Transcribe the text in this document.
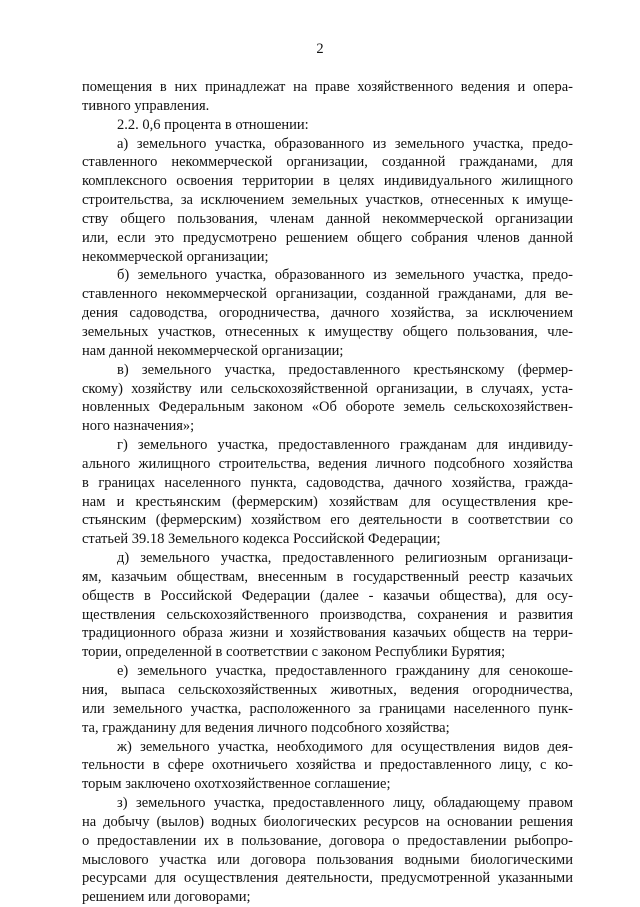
2
помещения в них принадлежат на праве хозяйственного ведения и опера-
тивного управления.
2.2. 0,6 процента в отношении:
а) земельного участка, образованного из земельного участка, предо-
ставленного некоммерческой организации, созданной гражданами, для
комплексного освоения территории в целях индивидуального жилищного
строительства, за исключением земельных участков, отнесенных к имуще-
ству общего пользования, членам данной некоммерческой организации
или, если это предусмотрено решением общего собрания членов данной
некоммерческой организации;
б) земельного участка, образованного из земельного участка, предо-
ставленного некоммерческой организации, созданной гражданами, для ве-
дения садоводства, огородничества, дачного хозяйства, за исключением
земельных участков, отнесенных к имуществу общего пользования, чле-
нам данной некоммерческой организации;
в) земельного участка, предоставленного крестьянскому (фермер-
скому) хозяйству или сельскохозяйственной организации, в случаях, уста-
новленных Федеральным законом «Об обороте земель сельскохозяйствен-
ного назначения»;
г) земельного участка, предоставленного гражданам для индивиду-
ального жилищного строительства, ведения личного подсобного хозяйства
в границах населенного пункта, садоводства, дачного хозяйства, гражда-
нам и крестьянским (фермерским) хозяйствам для осуществления кре-
стьянским (фермерским) хозяйством его деятельности в соответствии со
статьей 39.18 Земельного кодекса Российской Федерации;
д) земельного участка, предоставленного религиозным организаци-
ям, казачьим обществам, внесенным в государственный реестр казачьих
обществ в Российской Федерации (далее - казачьи общества), для осу-
ществления сельскохозяйственного производства, сохранения и развития
традиционного образа жизни и хозяйствования казачьих обществ на терри-
тории, определенной в соответствии с законом Республики Бурятия;
е) земельного участка, предоставленного гражданину для сенокоше-
ния, выпаса сельскохозяйственных животных, ведения огородничества,
или земельного участка, расположенного за границами населенного пунк-
та, гражданину для ведения личного подсобного хозяйства;
ж) земельного участка, необходимого для осуществления видов дея-
тельности в сфере охотничьего хозяйства и предоставленного лицу, с ко-
торым заключено охотхозяйственное соглашение;
з) земельного участка, предоставленного лицу, обладающему правом
на добычу (вылов) водных биологических ресурсов на основании решения
о предоставлении их в пользование, договора о предоставлении рыбопро-
мыслового участка или договора пользования водными биологическими
ресурсами для осуществления деятельности, предусмотренной указанными
решением или договорами;
